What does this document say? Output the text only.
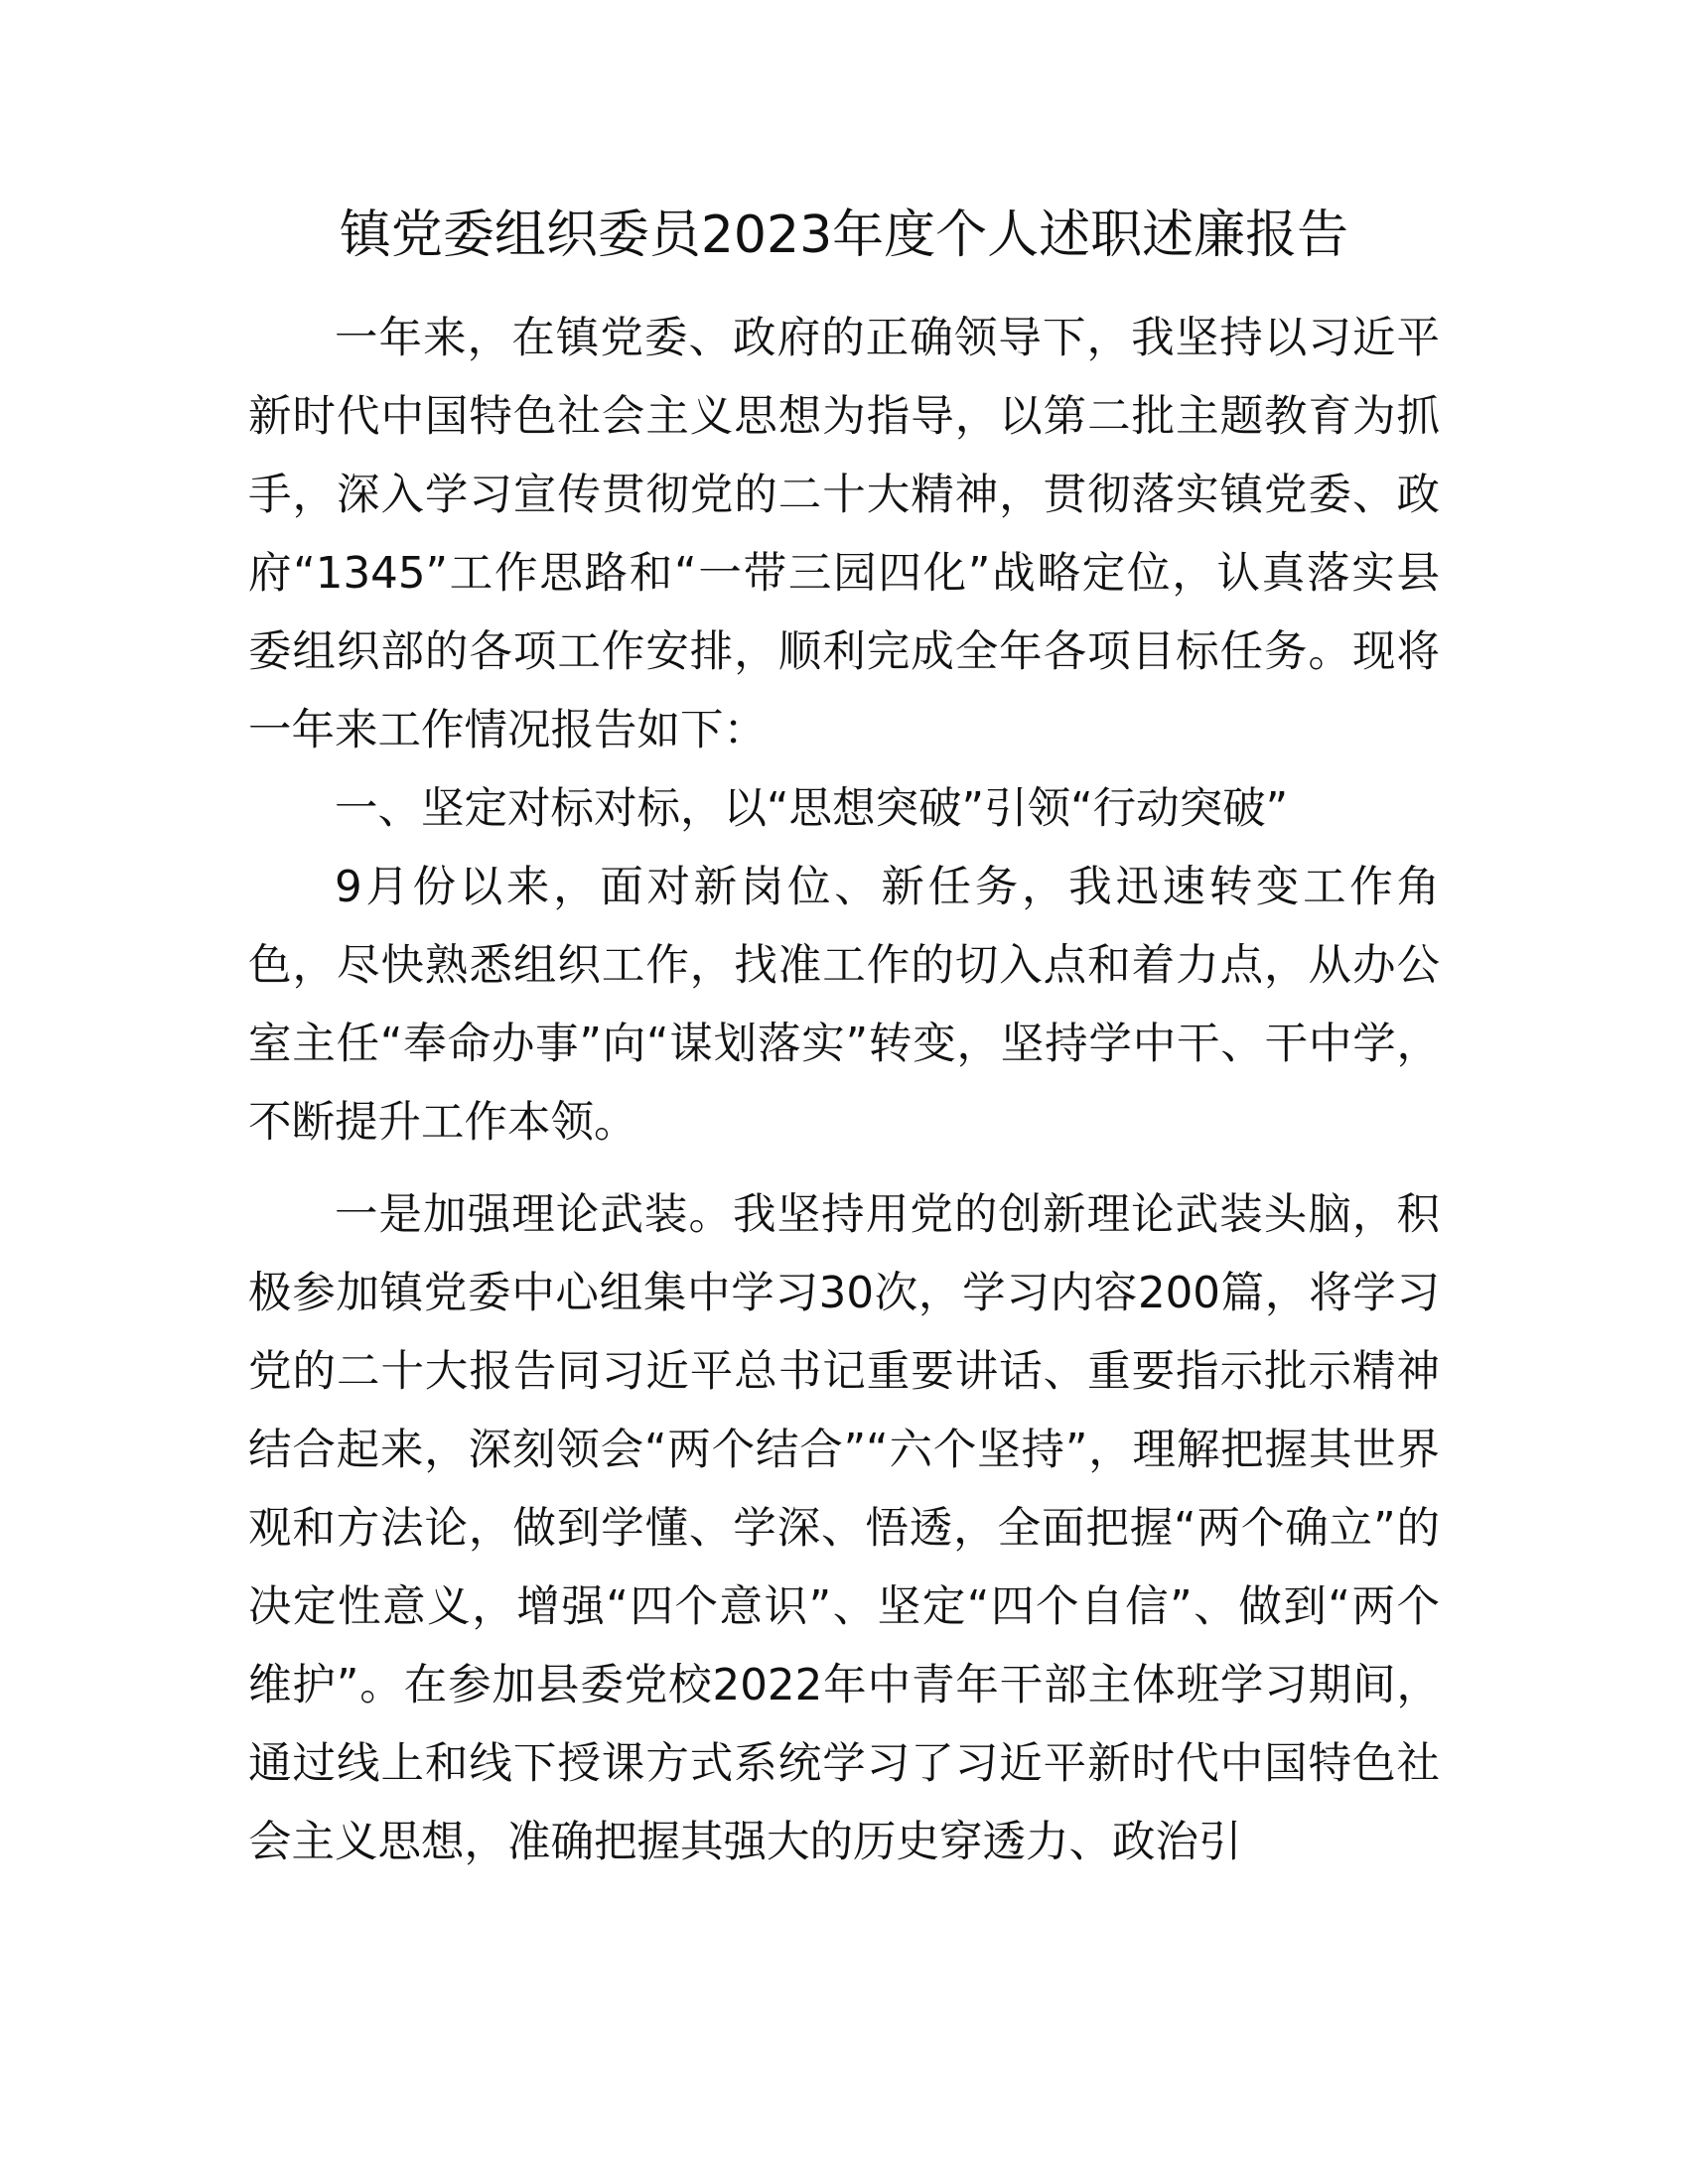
镇党委组织委员2023年度个人述职述廉报告

一年来，在镇党委、政府的正确领导下，我坚持以习近平新时代中国特色社会主义思想为指导，以第二批主题教育为抓手，深入学习宣传贯彻党的二十大精神，贯彻落实镇党委、政府“1345”工作思路和“一带三园四化”战略定位，认真落实县委组织部的各项工作安排，顺利完成全年各项目标任务。现将一年来工作情况报告如下：

一、坚定对标对标，以“思想突破”引领“行动突破”

9月份以来，面对新岗位、新任务，我迅速转变工作角色，尽快熟悉组织工作，找准工作的切入点和着力点，从办公室主任“奉命办事”向“谋划落实”转变，坚持学中干、干中学，不断提升工作本领。

一是加强理论武装。我坚持用党的创新理论武装头脑，积极参加镇党委中心组集中学习30次，学习内容200篇，将学习党的二十大报告同习近平总书记重要讲话、重要指示批示精神结合起来，深刻领会“两个结合”“六个坚持”，理解把握其世界观和方法论，做到学懂、学深、悟透，全面把握“两个确立”的决定性意义，增强“四个意识”、坚定“四个自信”、做到“两个维护”。在参加县委党校2022年中青年干部主体班学习期间，通过线上和线下授课方式系统学习了习近平新时代中国特色社会主义思想，准确把握其强大的历史穿透力、政治引
